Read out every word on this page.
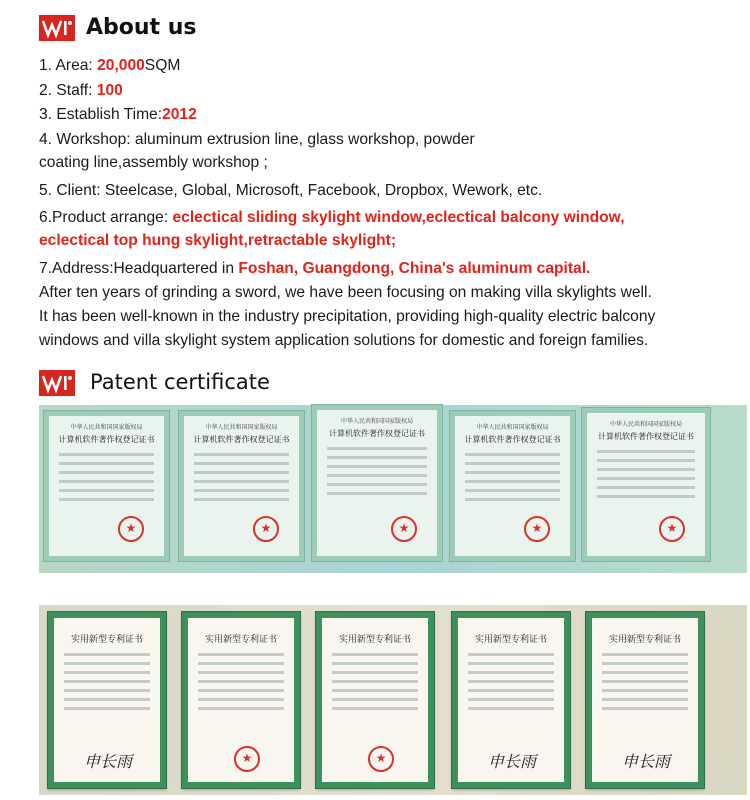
About us
1. Area: 20,000SQM
2. Staff: 100
3. Establish Time:2012
4. Workshop: aluminum extrusion line, glass workshop, powder
coating line,assembly workshop ;
5. Client: Steelcase, Global, Microsoft, Facebook, Dropbox, Wework, etc.
6.Product arrange: eclectical sliding skylight window,eclectical balcony window,
eclectical top hung skylight,retractable skylight;
7.Address:Headquartered in Foshan, Guangdong, China's aluminum capital.
After ten years of grinding a sword, we have been focusing on making villa skylights well.
It has been well-known in the industry precipitation, providing high-quality electric balcony
windows and villa skylight system application solutions for domestic and foreign families.
Patent certificate
中华人民共和国国家版权局
计算机软件著作权登记证书
★
中华人民共和国国家版权局
计算机软件著作权登记证书
★
中华人民共和国国家版权局
计算机软件著作权登记证书
★
中华人民共和国国家版权局
计算机软件著作权登记证书
★
中华人民共和国国家版权局
计算机软件著作权登记证书
★
实用新型专利证书
申长雨
实用新型专利证书
★	实用新型专利证书
★	实用新型专利证书
申长雨
实用新型专利证书
申长雨
